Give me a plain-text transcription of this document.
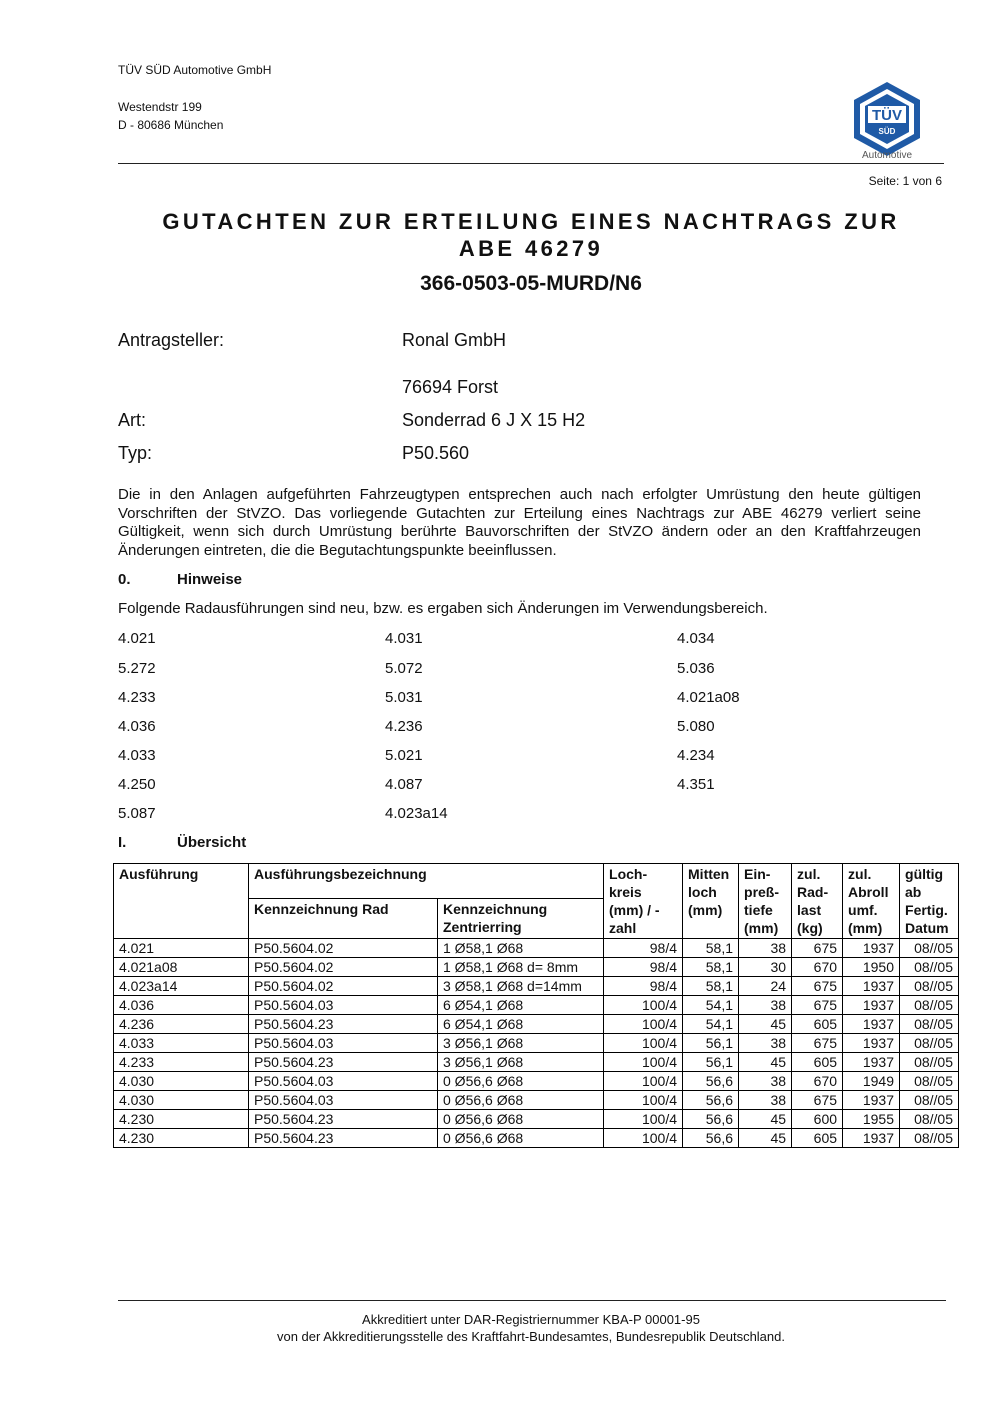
TÜV SÜD Automotive GmbH
Westendstr 199
D - 80686 München
TÜV
SÜD
Automotive
Seite: 1 von 6
GUTACHTEN ZUR ERTEILUNG EINES NACHTRAGS ZUR
ABE 46279
366-0503-05-MURD/N6
Antragsteller:	Ronal GmbH
76694 Forst
Art:	Sonderrad 6 J X 15 H2
Typ:	P50.560
Die in den Anlagen aufgeführten Fahrzeugtypen entsprechen auch nach erfolgter Umrüstung den heute gültigen Vorschriften der StVZO. Das vorliegende Gutachten zur Erteilung eines Nachtrags zur ABE 46279 verliert seine Gültigkeit, wenn sich durch Umrüstung berührte Bauvorschriften der StVZO ändern oder an den Kraftfahrzeugen Änderungen eintreten, die die Begutachtungspunkte beeinflussen.
0.	Hinweise
Folgende Radausführungen sind neu, bzw. es ergaben sich Änderungen im Verwendungsbereich.
4.021	4.031	4.034
5.272	5.072	5.036
4.233	5.031	4.021a08
4.036	4.236	5.080
4.033	5.021	4.234
4.250	4.087	4.351
5.087	4.023a14
I.	Übersicht
Ausführung	Ausführungsbezeichnung		Loch- kreis (mm) / -zahl	Mitten loch (mm)	Ein- preß- tiefe (mm)	zul. Rad- last (kg)	zul. Abroll umf. (mm)	gültig ab Fertig. Datum
	Kennzeichnung Rad	Kennzeichnung Zentrierring						
4.021	P50.5604.02	1 Ø58,1 Ø68	98/4	58,1	38	675	1937	08//05
4.021a08	P50.5604.02	1 Ø58,1 Ø68 d= 8mm	98/4	58,1	30	670	1950	08//05
4.023a14	P50.5604.02	3 Ø58,1 Ø68 d=14mm	98/4	58,1	24	675	1937	08//05
4.036	P50.5604.03	6 Ø54,1 Ø68	100/4	54,1	38	675	1937	08//05
4.236	P50.5604.23	6 Ø54,1 Ø68	100/4	54,1	45	605	1937	08//05
4.033	P50.5604.03	3 Ø56,1 Ø68	100/4	56,1	38	675	1937	08//05
4.233	P50.5604.23	3 Ø56,1 Ø68	100/4	56,1	45	605	1937	08//05
4.030	P50.5604.03	0 Ø56,6 Ø68	100/4	56,6	38	670	1949	08//05
4.030	P50.5604.03	0 Ø56,6 Ø68	100/4	56,6	38	675	1937	08//05
4.230	P50.5604.23	0 Ø56,6 Ø68	100/4	56,6	45	600	1955	08//05
4.230	P50.5604.23	0 Ø56,6 Ø68	100/4	56,6	45	605	1937	08//05
Akkreditiert unter DAR-Registriernummer KBA-P 00001-95
von der Akkreditierungsstelle des Kraftfahrt-Bundesamtes, Bundesrepublik Deutschland.
